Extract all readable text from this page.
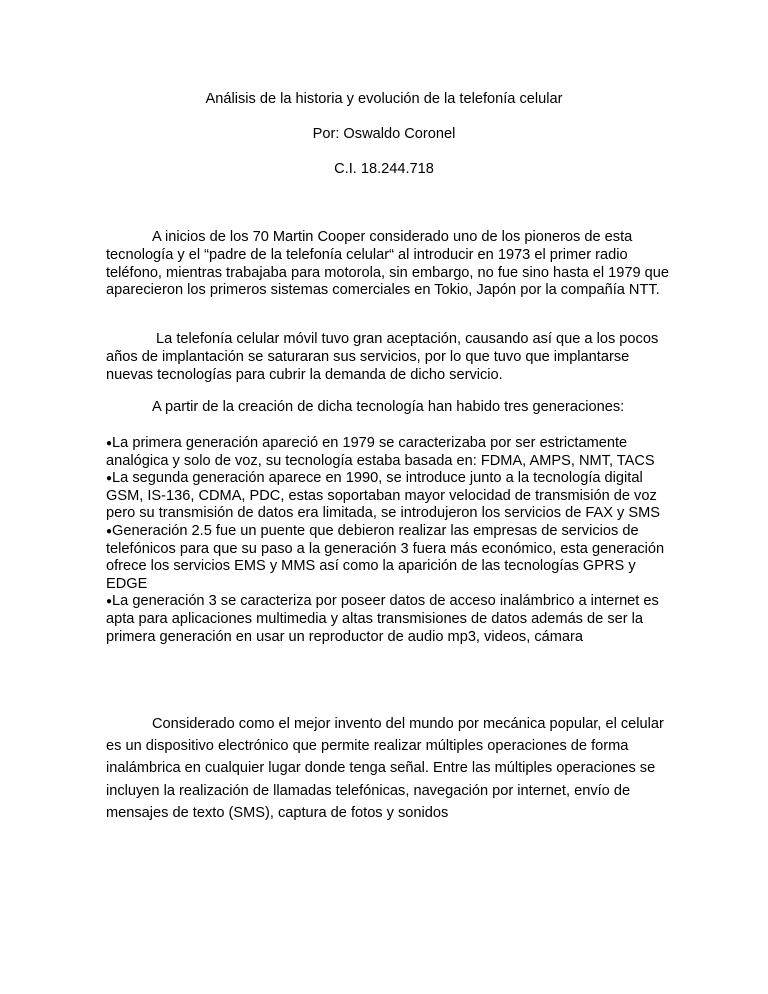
Análisis de la historia y evolución de la telefonía celular
Por: Oswaldo Coronel
C.I. 18.244.718

A inicios de los 70 Martin Cooper considerado uno de los pioneros de esta tecnología y el “padre de la telefonía celular“ al introducir en 1973 el primer radio teléfono, mientras trabajaba para motorola, sin embargo, no fue sino hasta el 1979 que aparecieron los primeros sistemas comerciales en Tokio, Japón por la compañía NTT.

La telefonía celular móvil tuvo gran aceptación, causando así que a los pocos años de implantación se saturaran sus servicios, por lo que tuvo que implantarse nuevas tecnologías para cubrir la demanda de dicho servicio.

A partir de la creación de dicha tecnología han habido tres generaciones:

●La primera generación apareció en 1979 se caracterizaba por ser estrictamente analógica y solo de voz, su tecnología estaba basada en: FDMA, AMPS, NMT, TACS
●La segunda generación aparece en 1990, se introduce junto a la tecnología digital GSM, IS-136, CDMA, PDC, estas soportaban mayor velocidad de transmisión de voz pero su transmisión de datos era limitada, se introdujeron los servicios de FAX y SMS
●Generación 2.5 fue un puente que debieron realizar las empresas de servicios de telefónicos para que su paso a la generación 3 fuera más económico, esta generación ofrece los servicios EMS y MMS así como la aparición de las tecnologías GPRS y EDGE
●La generación 3 se caracteriza por poseer datos de acceso inalámbrico a internet es apta para aplicaciones multimedia y altas transmisiones de datos además de ser la primera generación en usar un reproductor de audio mp3, videos, cámara

Considerado como el mejor invento del mundo por mecánica popular, el celular es un dispositivo electrónico que permite realizar múltiples operaciones de forma inalámbrica en cualquier lugar donde tenga señal. Entre las múltiples operaciones se incluyen la realización de llamadas telefónicas, navegación por internet, envío de mensajes de texto (SMS), captura de fotos y sonidos
